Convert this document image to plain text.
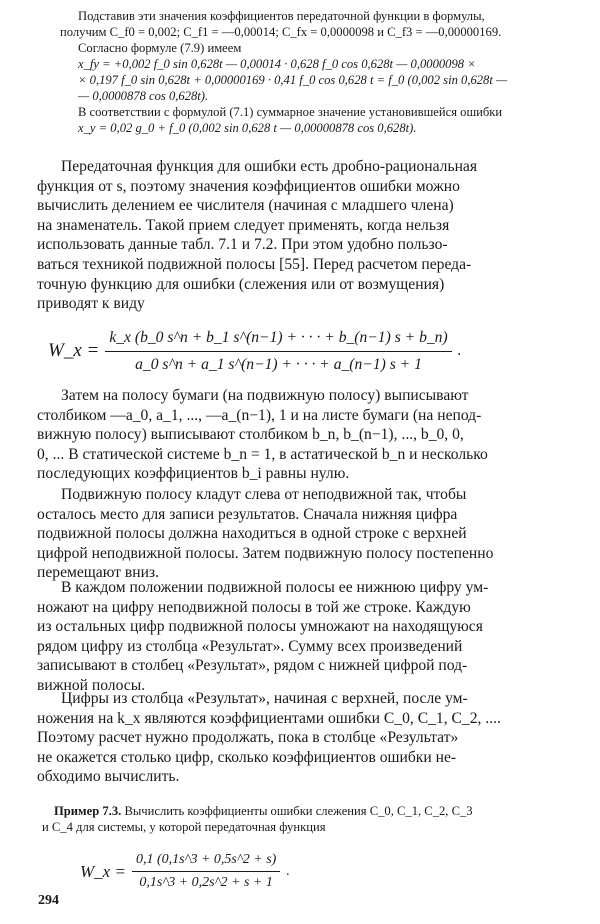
Подставив эти значения коэффициентов передаточной функции в формулы,
получим C_f0 = 0,002; C_f1 = —0,00014; C_fx = 0,0000098 и C_f3 = —0,00000169.
Согласно формуле (7.9) имеем
x_fy = +0,002 f_0 sin 0,628t — 0,00014 · 0,628 f_0 cos 0,628t — 0,0000098 ×
× 0,197 f_0 sin 0,628t + 0,00000169 · 0,41 f_0 cos 0,628 t = f_0 (0,002 sin 0,628t —
— 0,0000878 cos 0,628t).
В соответствии с формулой (7.1) суммарное значение установившейся ошибки
x_y = 0,02 g_0 + f_0 (0,002 sin 0,628 t — 0,00000878 cos 0,628t).
Передаточная функция для ошибки есть дробно-рациональная
функция от s, поэтому значения коэффициентов ошибки можно
вычислить делением ее числителя (начиная с младшего члена)
на знаменатель. Такой прием следует применять, когда нельзя
использовать данные табл. 7.1 и 7.2. При этом удобно пользо-
ваться техникой подвижной полосы [55]. Перед расчетом переда-
точную функцию для ошибки (слежения или от возмущения)
приводят к виду
W_x = $\frac{k\_x (b\_0 s\^{}n + b\_1 s\^{}(n-1) + \cdot \cdot \cdot + b\_(n-1) s + b\_n)}{a\_0 s\^{}n + a\_1 s\^{}(n-1) + \cdot \cdot \cdot + a\_(n-1) s + 1}$ .
Затем на полосу бумаги (на подвижную полосу) выписывают
столбиком —a_0, a_1, ..., —a_(n−1), 1 и на листе бумаги (на непод-
вижную полосу) выписывают столбиком b_n, b_(n−1), ..., b_0, 0,
0, ... В статической системе b_n = 1, в астатической b_n и несколько
последующих коэффициентов b_i равны нулю.
Подвижную полосу кладут слева от неподвижной так, чтобы
осталось место для записи результатов. Сначала нижняя цифра
подвижной полосы должна находиться в одной строке с верхней
цифрой неподвижной полосы. Затем подвижную полосу постепенно
перемещают вниз.
В каждом положении подвижной полосы ее нижнюю цифру ум-
ножают на цифру неподвижной полосы в той же строке. Каждую
из остальных цифр подвижной полосы умножают на находящуюся
рядом цифру из столбца «Результат». Сумму всех произведений
записывают в столбец «Результат», рядом с нижней цифрой под-
вижной полосы.
Цифры из столбца «Результат», начиная с верхней, после ум-
ножения на k_x являются коэффициентами ошибки C_0, C_1, C_2, ....
Поэтому расчет нужно продолжать, пока в столбце «Результат»
не окажется столько цифр, сколько коэффициентов ошибки не-
обходимо вычислить.
Пример 7.3. Вычислить коэффициенты ошибки слежения C_0, C_1, C_2, C_3
и C_4 для системы, у которой передаточная функция
W_x = $\frac{0,1 (0,1s\^{}3 + 0,5s\^{}2 + s)}{0,1s\^{}3 + 0,2s\^{}2 + s + 1}$ .
294
